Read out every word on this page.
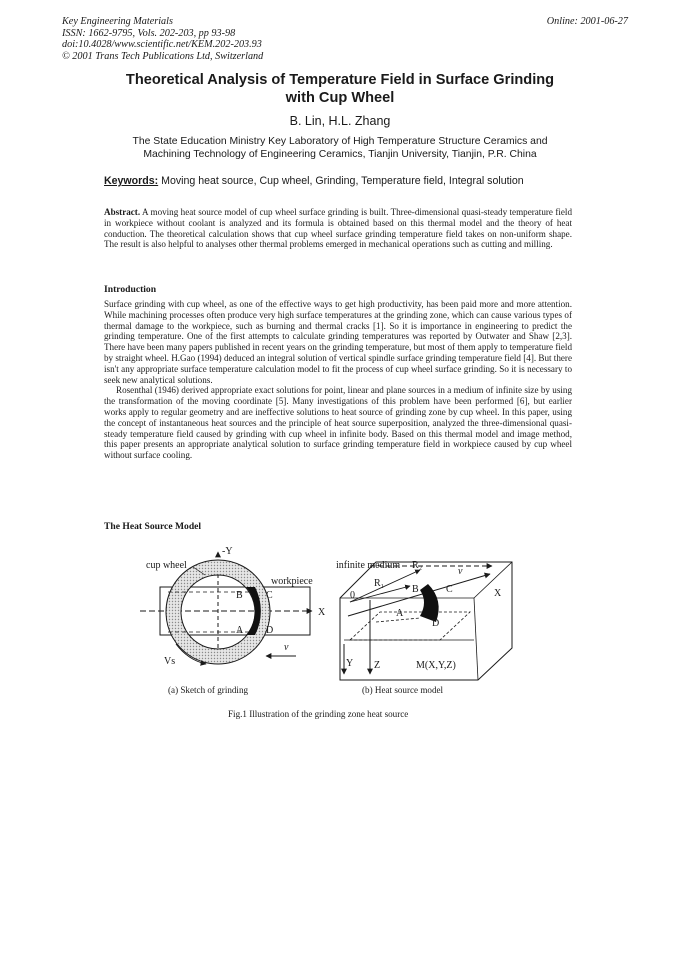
Key Engineering Materials
ISSN: 1662-9795, Vols. 202-203, pp 93-98
doi:10.4028/www.scientific.net/KEM.202-203.93
© 2001 Trans Tech Publications Ltd, Switzerland
Online: 2001-06-27
Theoretical Analysis of Temperature Field in Surface Grinding
with Cup Wheel
B. Lin, H.L. Zhang
The State Education Ministry Key Laboratory of High Temperature Structure Ceramics and
Machining Technology of Engineering Ceramics, Tianjin University, Tianjin, P.R. China
Keywords: Moving heat source, Cup wheel, Grinding, Temperature field, Integral solution

Abstract. A moving heat source model of cup wheel surface grinding is built. Three-dimensional quasi-steady temperature field in workpiece without coolant is analyzed and its formula is obtained based on this thermal model and the theory of heat conduction. The theoretical calculation shows that cup wheel surface grinding temperature field takes on non-uniform shape. The result is also helpful to analyses other thermal problems emerged in mechanical operations such as cutting and milling.

Introduction

Surface grinding with cup wheel, as one of the effective ways to get high productivity, has been paid more and more attention. While machining processes often produce very high surface temperatures at the grinding zone, which can cause various types of thermal damage to the workpiece, such as burning and thermal cracks [1]. So it is importance in engineering to predict the grinding temperature. One of the first attempts to calculate grinding temperatures was reported by Outwater and Shaw [2,3]. There have been many papers published in recent years on the grinding temperature, but most of them apply to temperature field by straight wheel. H.Gao (1994) deduced an integral solution of vertical spindle surface grinding temperature field [4]. But there isn't any appropriate surface temperature calculation model to fit the process of cup wheel surface grinding. So it is necessary to seek new analytical solutions.

Rosenthal (1946) derived appropriate exact solutions for point, linear and plane sources in a medium of infinite size by using the transformation of the moving coordinate [5]. Many investigations of this problem have been performed [6], but earlier works apply to regular geometry and are ineffective solutions to heat source of grinding zone by cup wheel. In this paper, using the concept of instantaneous heat sources and the principle of heat source superposition, analyzed the three-dimensional quasi-steady temperature field caused by grinding with cup wheel in infinite body. Based on this thermal model and image method, this paper presents an appropriate analytical solution to surface grinding temperature field in workpiece caused by cup wheel without surface cooling.

The Heat Source Model
-Y
X
cup wheel
workpiece
B C
A D
Vs
ν
infinite medium R₂
R₁
ν
0
B	C	X
A
D
Y Z	M(X,Y,Z)
(a) Sketch of grinding	(b) Heat source model
Fig.1 Illustration of the grinding zone heat source
